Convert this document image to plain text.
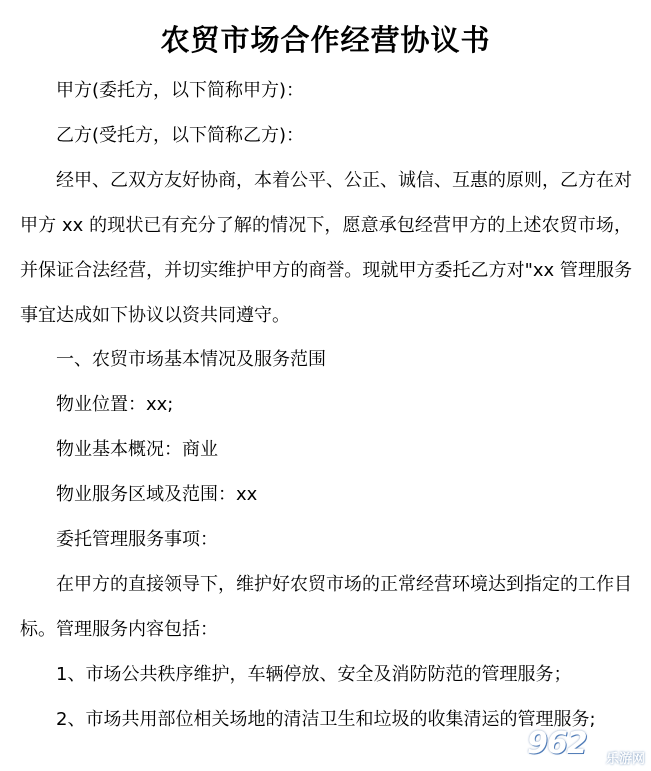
农贸市场合作经营协议书

甲方(委托方，以下简称甲方)：

乙方(受托方，以下简称乙方)：

经甲、乙双方友好协商，本着公平、公正、诚信、互惠的原则，乙方在对甲方 xx 的现状已有充分了解的情况下，愿意承包经营甲方的上述农贸市场，并保证合法经营，并切实维护甲方的商誉。现就甲方委托乙方对"xx 管理服务事宜达成如下协议以资共同遵守。

一、农贸市场基本情况及服务范围

物业位置：xx;

物业基本概况：商业

物业服务区域及范围：xx

委托管理服务事项：

在甲方的直接领导下，维护好农贸市场的正常经营环境达到指定的工作目标。管理服务内容包括：

1、市场公共秩序维护，车辆停放、安全及消防防范的管理服务；

2、市场共用部位相关场地的清洁卫生和垃圾的收集清运的管理服务;

962 乐游网
